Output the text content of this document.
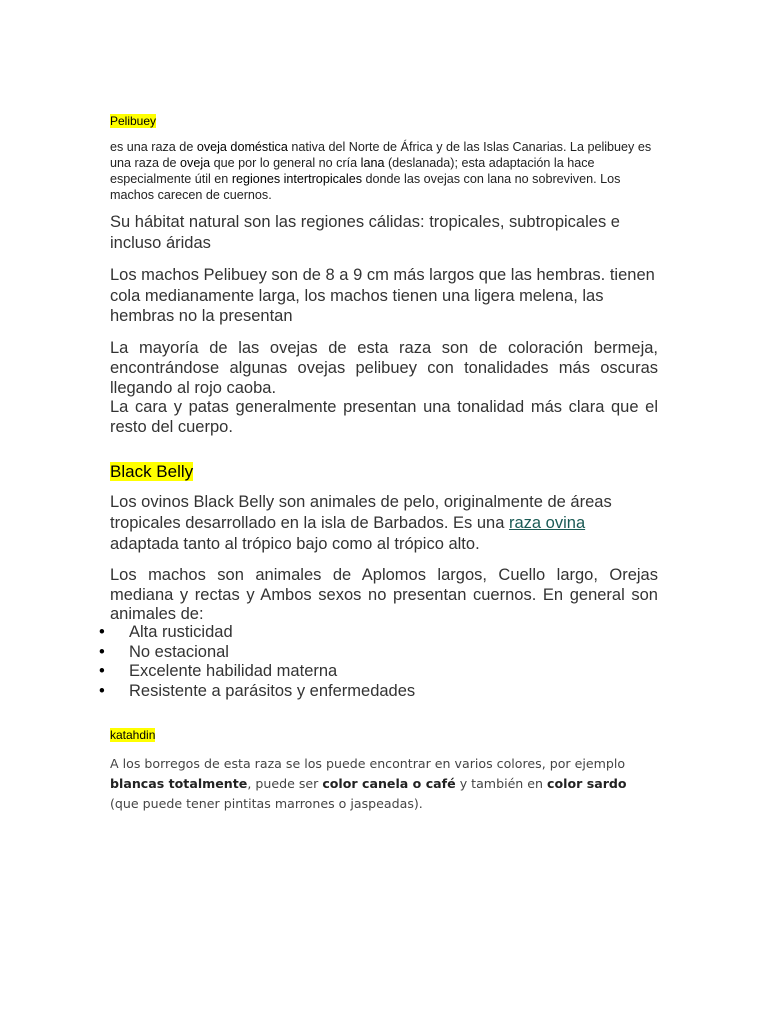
Pelibuey
es una raza de oveja doméstica nativa del Norte de África y de las Islas Canarias. La pelibuey es una raza de oveja que por lo general no cría lana (deslanada); esta adaptación la hace especialmente útil en regiones intertropicales donde las ovejas con lana no sobreviven. Los machos carecen de cuernos.
Su hábitat natural son las regiones cálidas: tropicales, subtropicales e incluso áridas
Los machos Pelibuey son de 8 a 9 cm más largos que las hembras. tienen cola medianamente larga, los machos tienen una ligera melena, las hembras no la presentan
La mayoría de las ovejas de esta raza son de coloración bermeja, encontrándose algunas ovejas pelibuey con tonalidades más oscuras llegando al rojo caoba.
La cara y patas generalmente presentan una tonalidad más clara que el resto del cuerpo.
Black Belly
Los ovinos Black Belly son animales de pelo, originalmente de áreas tropicales desarrollado en la isla de Barbados. Es una raza ovina adaptada tanto al trópico bajo como al trópico alto.
Los machos son animales de Aplomos largos, Cuello largo, Orejas mediana y rectas y Ambos sexos no presentan cuernos. En general son animales de:
• Alta rusticidad
• No estacional
• Excelente habilidad materna
• Resistente a parásitos y enfermedades
katahdin
A los borregos de esta raza se los puede encontrar en varios colores, por ejemplo blancas totalmente, puede ser color canela o café y también en color sardo (que puede tener pintitas marrones o jaspeadas).
